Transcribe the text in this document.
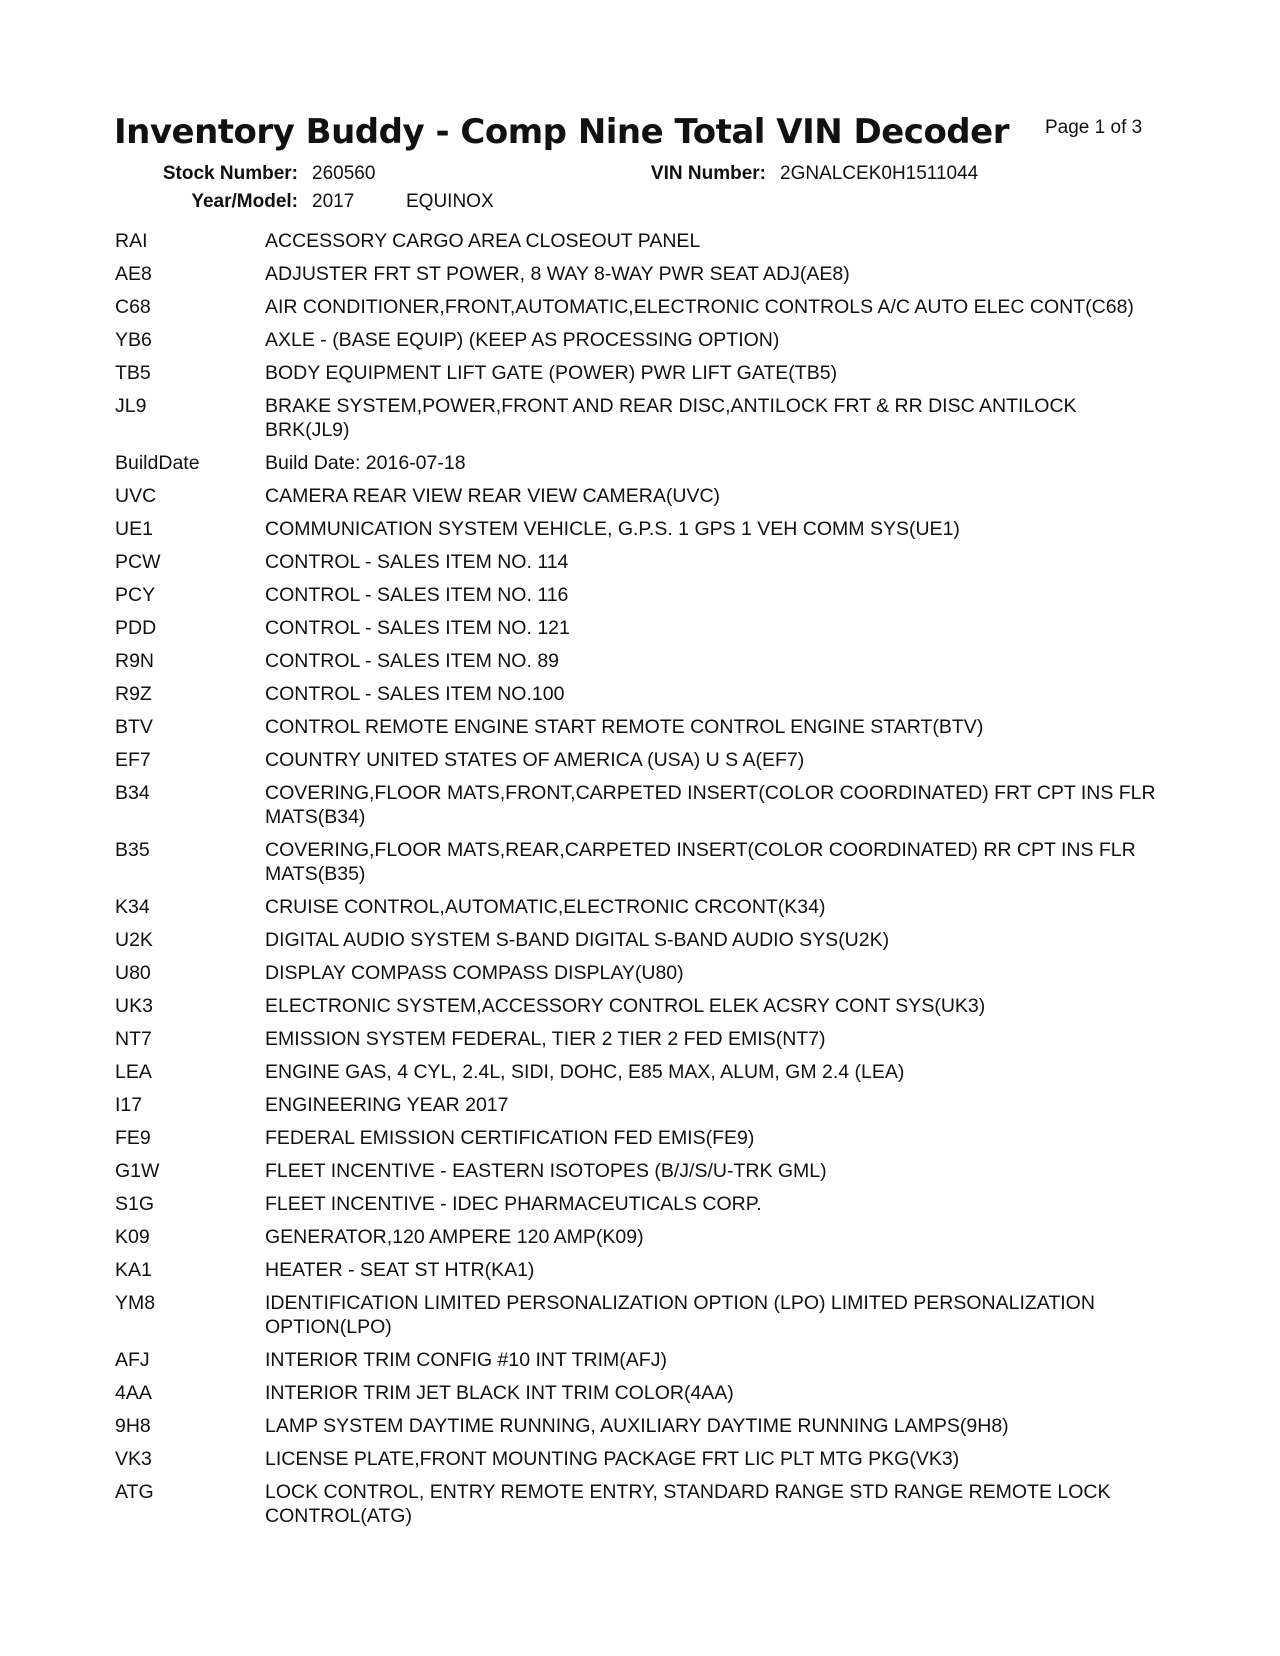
Inventory Buddy - Comp Nine Total VIN Decoder Page 1 of 3
Stock Number: 260560	VIN Number: 2GNALCEK0H1511044
Year/Model: 2017	EQUINOX
RAI	ACCESSORY CARGO AREA CLOSEOUT PANEL
AE8	ADJUSTER FRT ST POWER, 8 WAY 8-WAY PWR SEAT ADJ(AE8)
C68	AIR CONDITIONER,FRONT,AUTOMATIC,ELECTRONIC CONTROLS A/C AUTO ELEC CONT(C68)
YB6	AXLE - (BASE EQUIP) (KEEP AS PROCESSING OPTION)
TB5	BODY EQUIPMENT LIFT GATE (POWER) PWR LIFT GATE(TB5)
JL9	BRAKE SYSTEM,POWER,FRONT AND REAR DISC,ANTILOCK FRT & RR DISC ANTILOCK BRK(JL9)
BuildDate	Build Date: 2016-07-18
UVC	CAMERA REAR VIEW REAR VIEW CAMERA(UVC)
UE1	COMMUNICATION SYSTEM VEHICLE, G.P.S. 1 GPS 1 VEH COMM SYS(UE1)
PCW	CONTROL - SALES ITEM NO. 114
PCY	CONTROL - SALES ITEM NO. 116
PDD	CONTROL - SALES ITEM NO. 121
R9N	CONTROL - SALES ITEM NO. 89
R9Z	CONTROL - SALES ITEM NO.100
BTV	CONTROL REMOTE ENGINE START REMOTE CONTROL ENGINE START(BTV)
EF7	COUNTRY UNITED STATES OF AMERICA (USA) U S A(EF7)
B34	COVERING,FLOOR MATS,FRONT,CARPETED INSERT(COLOR COORDINATED) FRT CPT INS FLR MATS(B34)
B35	COVERING,FLOOR MATS,REAR,CARPETED INSERT(COLOR COORDINATED) RR CPT INS FLR MATS(B35)
K34	CRUISE CONTROL,AUTOMATIC,ELECTRONIC CRCONT(K34)
U2K	DIGITAL AUDIO SYSTEM S-BAND DIGITAL S-BAND AUDIO SYS(U2K)
U80	DISPLAY COMPASS COMPASS DISPLAY(U80)
UK3	ELECTRONIC SYSTEM,ACCESSORY CONTROL ELEK ACSRY CONT SYS(UK3)
NT7	EMISSION SYSTEM FEDERAL, TIER 2 TIER 2 FED EMIS(NT7)
LEA	ENGINE GAS, 4 CYL, 2.4L, SIDI, DOHC, E85 MAX, ALUM, GM 2.4 (LEA)
I17	ENGINEERING YEAR 2017
FE9	FEDERAL EMISSION CERTIFICATION FED EMIS(FE9)
G1W	FLEET INCENTIVE - EASTERN ISOTOPES (B/J/S/U-TRK GML)
S1G	FLEET INCENTIVE - IDEC PHARMACEUTICALS CORP.
K09	GENERATOR,120 AMPERE 120 AMP(K09)
KA1	HEATER - SEAT ST HTR(KA1)
YM8	IDENTIFICATION LIMITED PERSONALIZATION OPTION (LPO) LIMITED PERSONALIZATION OPTION(LPO)
AFJ	INTERIOR TRIM CONFIG #10 INT TRIM(AFJ)
4AA	INTERIOR TRIM JET BLACK INT TRIM COLOR(4AA)
9H8	LAMP SYSTEM DAYTIME RUNNING, AUXILIARY DAYTIME RUNNING LAMPS(9H8)
VK3	LICENSE PLATE,FRONT MOUNTING PACKAGE FRT LIC PLT MTG PKG(VK3)
ATG	LOCK CONTROL, ENTRY REMOTE ENTRY, STANDARD RANGE STD RANGE REMOTE LOCK CONTROL(ATG)
